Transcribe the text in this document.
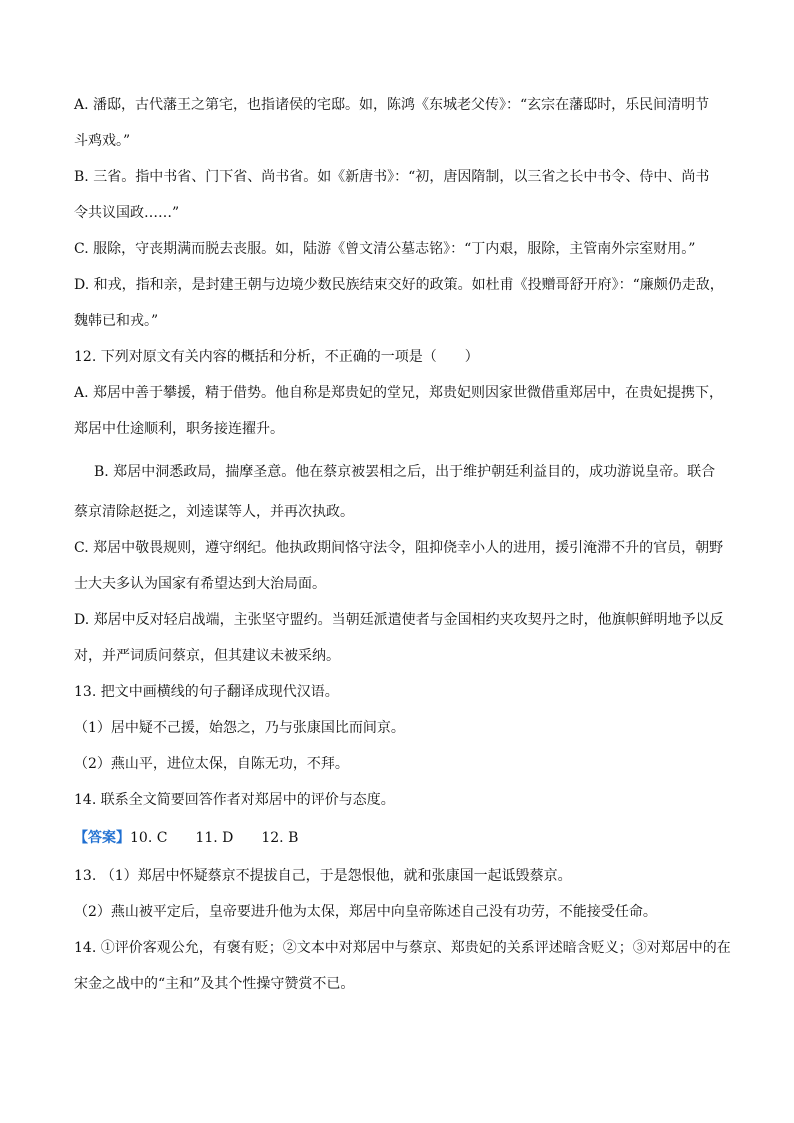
A. 潘邸，古代藩王之第宅，也指诸侯的宅邸。如，陈鸿《东城老父传》：“玄宗在藩邸时，乐民间清明节
斗鸡戏。”
B. 三省。指中书省、门下省、尚书省。如《新唐书》：“初，唐因隋制，以三省之长中书令、侍中、尚书
令共议国政……”
C. 服除，守丧期满而脱去丧服。如，陆游《曾文清公墓志铭》：“丁内艰，服除，主管南外宗室财用。”
D. 和戎，指和亲，是封建王朝与边境少数民族结束交好的政策。如杜甫《投赠哥舒开府》：“廉颇仍走敌，
魏韩已和戎。”
12. 下列对原文有关内容的概括和分析，不正确的一项是（　　）
A. 郑居中善于攀援，精于借势。他自称是郑贵妃的堂兄，郑贵妃则因家世微借重郑居中，在贵妃提携下，
郑居中仕途顺利，职务接连擢升。
B. 郑居中洞悉政局，揣摩圣意。他在蔡京被罢相之后，出于维护朝廷利益目的，成功游说皇帝。联合
蔡京清除赵挺之，刘逵谋等人，并再次执政。
C. 郑居中敬畏规则，遵守纲纪。他执政期间恪守法令，阻抑侥幸小人的进用，援引淹滞不升的官员，朝野
士大夫多认为国家有希望达到大治局面。
D. 郑居中反对轻启战端，主张坚守盟约。当朝廷派遣使者与金国相约夹攻契丹之时，他旗帜鲜明地予以反
对，并严词质问蔡京，但其建议未被采纳。
13. 把文中画横线的句子翻译成现代汉语。
（1）居中疑不己援，始怨之，乃与张康国比而间京。
（2）燕山平，进位太保，自陈无功，不拜。
14. 联系全文简要回答作者对郑居中的评价与态度。
【答案】10. C　　11. D　　12. B
13. （1）郑居中怀疑蔡京不提拔自己，于是怨恨他，就和张康国一起诋毁蔡京。
（2）燕山被平定后，皇帝要进升他为太保，郑居中向皇帝陈述自己没有功劳，不能接受任命。
14. ①评价客观公允，有褒有贬；②文本中对郑居中与蔡京、郑贵妃的关系评述暗含贬义；③对郑居中的在
宋金之战中的“主和”及其个性操守赞赏不已。
